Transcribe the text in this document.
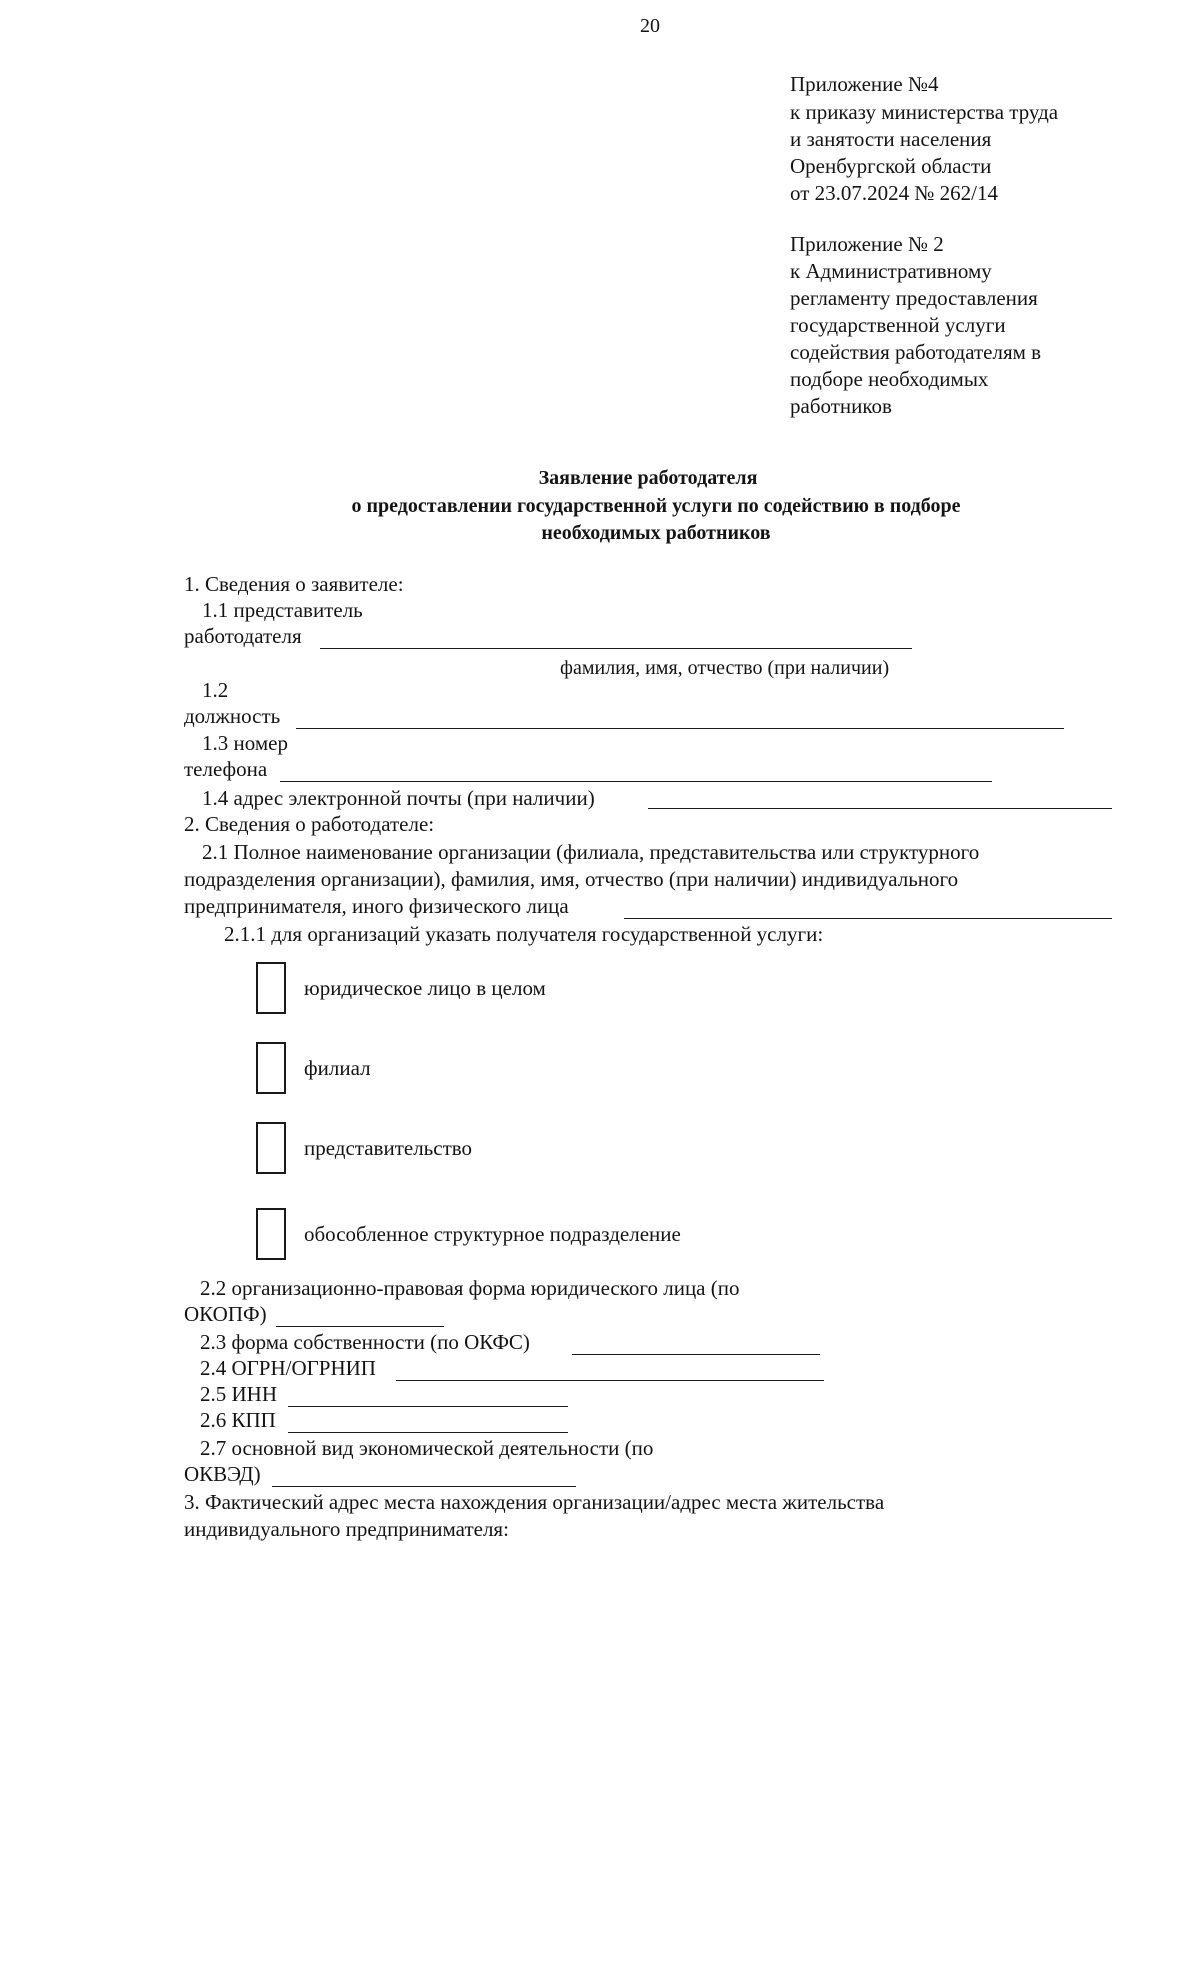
20
Приложение №4
к приказу министерства труда
и занятости населения
Оренбургской области
от 23.07.2024 № 262/14
Приложение № 2
к Административному
регламенту предоставления
государственной услуги
содействия работодателям в
подборе необходимых
работников
Заявление работодателя
о предоставлении государственной услуги по содействию в подборе
необходимых работников
1. Сведения о заявителе:
1.1 представитель
работодателя
фамилия, имя, отчество (при наличии)
1.2
должность
1.3 номер
телефона
1.4 адрес электронной почты (при наличии)
2. Сведения о работодателе:
2.1 Полное наименование организации (филиала, представительства или структурного
подразделения организации), фамилия, имя, отчество (при наличии) индивидуального
предпринимателя, иного физического лица
2.1.1 для организаций указать получателя государственной услуги:
юридическое лицо в целом
филиал
представительство
обособленное структурное подразделение
2.2 организационно-правовая форма юридического лица (по
ОКОПФ)
2.3 форма собственности (по ОКФС)
2.4 ОГРН/ОГРНИП
2.5 ИНН
2.6 КПП
2.7 основной вид экономической деятельности (по
ОКВЭД)
3. Фактический адрес места нахождения организации/адрес места жительства
индивидуального предпринимателя:
